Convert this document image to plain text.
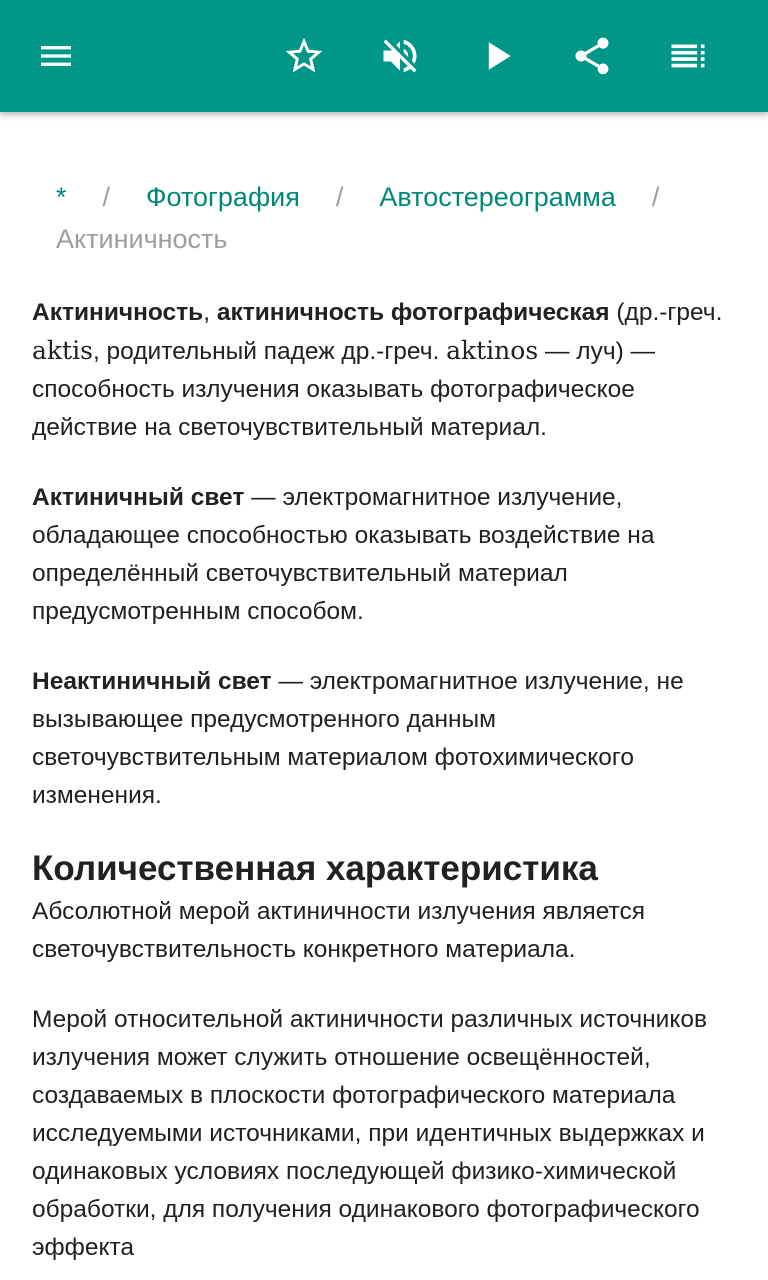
* / Фотография / Автостереограмма /
Актиничность

Актиничность, актиничность фотографическая (др.-греч. aktis, родительный падеж др.-греч. aktinos — луч) — способность излучения оказывать фотографическое действие на светочувствительный материал.

Актиничный свет — электромагнитное излучение, обладающее способностью оказывать воздействие на определённый светочувствительный материал предусмотренным способом.

Неактиничный свет — электромагнитное излучение, не вызывающее предусмотренного данным светочувствительным материалом фотохимического изменения.

Количественная характеристика

Абсолютной мерой актиничности излучения является светочувствительность конкретного материала.

Мерой относительной актиничности различных источников излучения может служить отношение освещённостей, создаваемых в плоскости фотографического материала исследуемыми источниками, при идентичных выдержках и одинаковых условиях последующей физико-химической обработки, для получения одинакового фотографического эффекта
